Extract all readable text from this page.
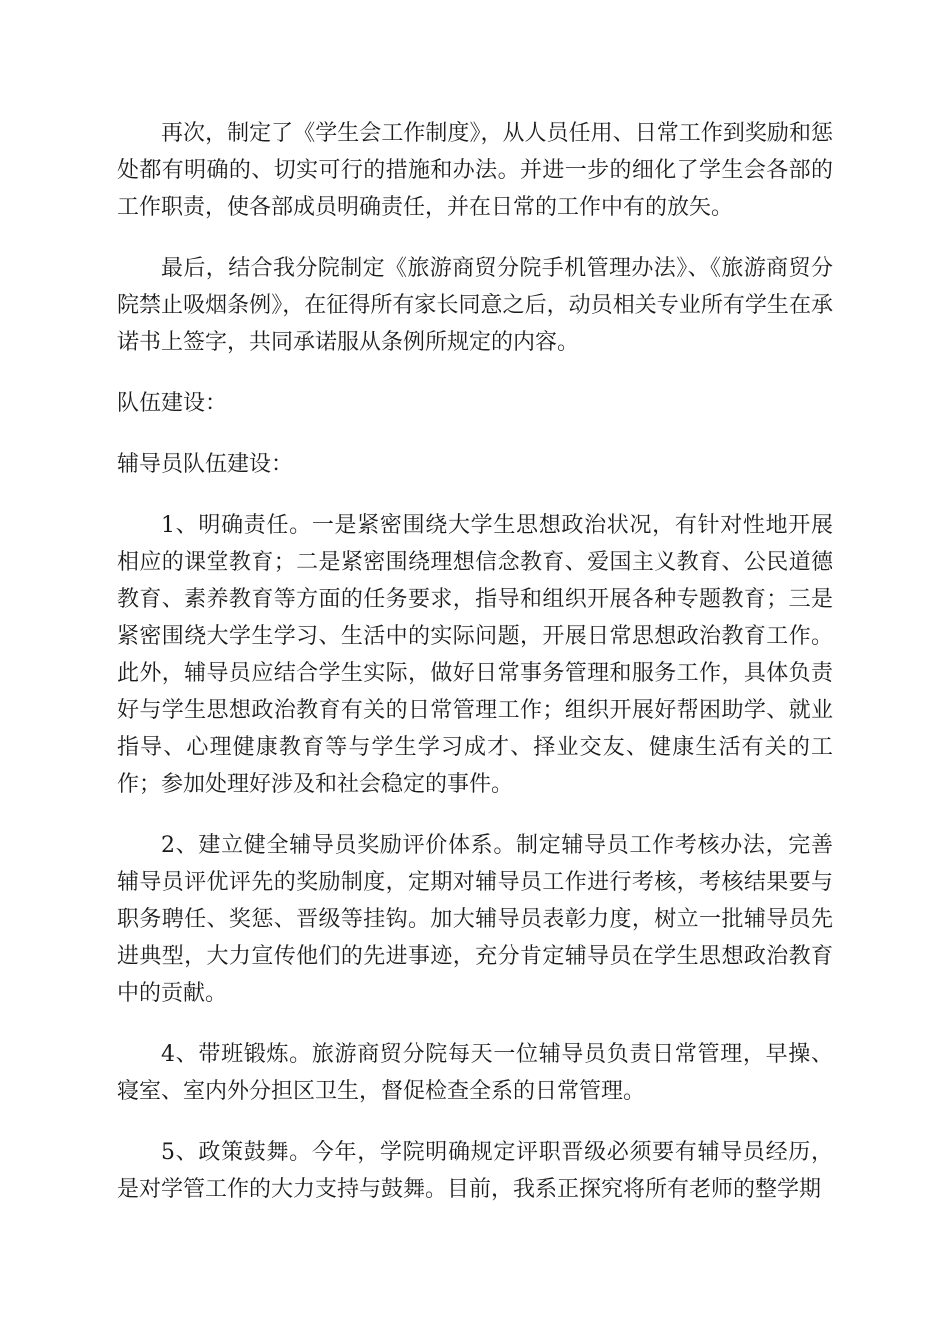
再次，制定了《学生会工作制度》，从人员任用、日常工作到奖励和惩处都有明确的、切实可行的措施和办法。并进一步的细化了学生会各部的工作职责，使各部成员明确责任，并在日常的工作中有的放矢。

最后，结合我分院制定《旅游商贸分院手机管理办法》、《旅游商贸分院禁止吸烟条例》，在征得所有家长同意之后，动员相关专业所有学生在承诺书上签字，共同承诺服从条例所规定的内容。

队伍建设：

辅导员队伍建设：

1、明确责任。一是紧密围绕大学生思想政治状况，有针对性地开展相应的课堂教育；二是紧密围绕理想信念教育、爱国主义教育、公民道德教育、素养教育等方面的任务要求，指导和组织开展各种专题教育；三是紧密围绕大学生学习、生活中的实际问题，开展日常思想政治教育工作。此外，辅导员应结合学生实际，做好日常事务管理和服务工作，具体负责好与学生思想政治教育有关的日常管理工作；组织开展好帮困助学、就业指导、心理健康教育等与学生学习成才、择业交友、健康生活有关的工作；参加处理好涉及和社会稳定的事件。

2、建立健全辅导员奖励评价体系。制定辅导员工作考核办法，完善辅导员评优评先的奖励制度，定期对辅导员工作进行考核，考核结果要与职务聘任、奖惩、晋级等挂钩。加大辅导员表彰力度，树立一批辅导员先进典型，大力宣传他们的先进事迹，充分肯定辅导员在学生思想政治教育中的贡献。

4、带班锻炼。旅游商贸分院每天一位辅导员负责日常管理，早操、寝室、室内外分担区卫生，督促检查全系的日常管理。

5、政策鼓舞。今年，学院明确规定评职晋级必须要有辅导员经历，是对学管工作的大力支持与鼓舞。目前，我系正探究将所有老师的整学期
